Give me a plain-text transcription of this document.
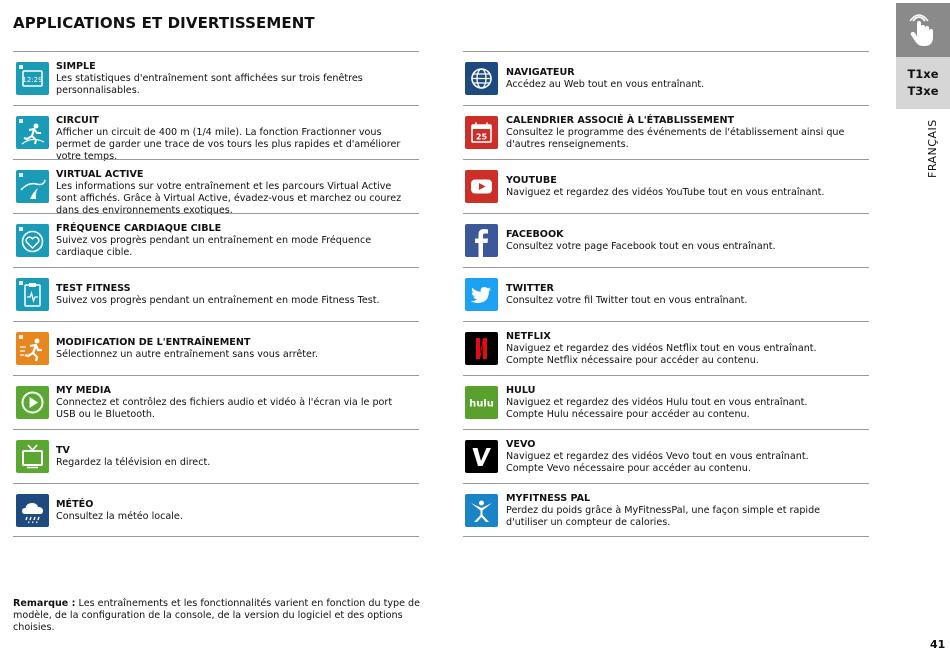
APPLICATIONS ET DIVERTISSEMENT
12:29
SIMPLE
Les statistiques d'entraînement sont affichées sur trois fenêtres personnalisables.
CIRCUIT
Afficher un circuit de 400 m (1/4 mile). La fonction Fractionner vous permet de garder une trace de vos tours les plus rapides et d'améliorer votre temps.
VIRTUAL ACTIVE
Les informations sur votre entraînement et les parcours Virtual Active sont affichés. Grâce à Virtual Active, évadez-vous et marchez ou courez dans des environnements exotiques.
FRÉQUENCE CARDIAQUE CIBLE
Suivez vos progrès pendant un entraînement en mode Fréquence cardiaque cible.
TEST FITNESS
Suivez vos progrès pendant un entraînement en mode Fitness Test.
MODIFICATION DE L'ENTRAÎNEMENT
Sélectionnez un autre entraînement sans vous arrêter.
MY MEDIA
Connectez et contrôlez des fichiers audio et vidéo à l'écran via le port USB ou le Bluetooth.
TV
Regardez la télévision en direct.
MÉTÉO
Consultez la météo locale.
NAVIGATEUR
Accédez au Web tout en vous entraînant.
25
CALENDRIER ASSOCIÉ À L'ÉTABLISSEMENT
Consultez le programme des événements de l'établissement ainsi que d'autres renseignements.
YOUTUBE
Naviguez et regardez des vidéos YouTube tout en vous entraînant.
FACEBOOK
Consultez votre page Facebook tout en vous entraînant.
TWITTER
Consultez votre fil Twitter tout en vous entraînant.
NETFLIX
Naviguez et regardez des vidéos Netflix tout en vous entraînant.
Compte Netflix nécessaire pour accéder au contenu.
hulu
HULU
Naviguez et regardez des vidéos Hulu tout en vous entraînant.
Compte Hulu nécessaire pour accéder au contenu.
VEVO
Naviguez et regardez des vidéos Vevo tout en vous entraînant.
Compte Vevo nécessaire pour accéder au contenu.
MYFITNESS PAL
Perdez du poids grâce à MyFitnessPal, une façon simple et rapide d'utiliser un compteur de calories.
Remarque : Les entraînements et les fonctionnalités varient en fonction du type de modèle, de la configuration de la console, de la version du logiciel et des options choisies.
T1xe
T3xe
FRANÇAIS
41
